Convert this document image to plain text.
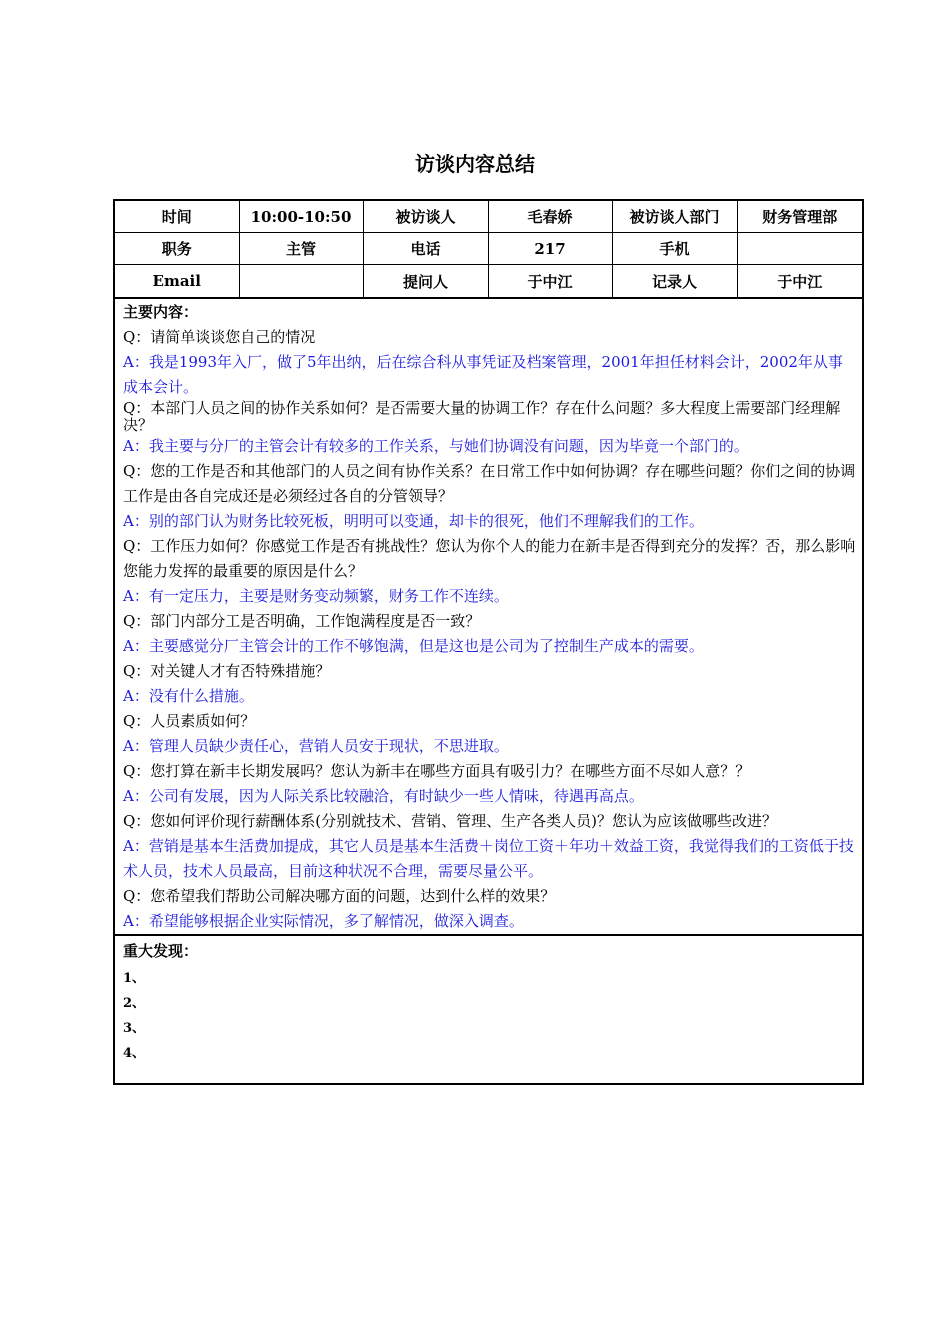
访谈内容总结
时间	10:00-10:50	被访谈人	毛春娇	被访谈人部门	财务管理部
职务	主管	电话	217	手机	
Email		提问人	于中江	记录人	于中江
主要内容：
Q：请简单谈谈您自己的情况
A：我是1993年入厂，做了5年出纳，后在综合科从事凭证及档案管理，2001年担任材料会计，2002年从事成本会计。
Q：本部门人员之间的协作关系如何？是否需要大量的协调工作？存在什么问题？多大程度上需要部门经理解决？
A：我主要与分厂的主管会计有较多的工作关系，与她们协调没有问题，因为毕竟一个部门的。
Q：您的工作是否和其他部门的人员之间有协作关系？在日常工作中如何协调？存在哪些问题？你们之间的协调工作是由各自完成还是必须经过各自的分管领导？
A：别的部门认为财务比较死板，明明可以变通，却卡的很死，他们不理解我们的工作。
Q：工作压力如何？你感觉工作是否有挑战性？您认为你个人的能力在新丰是否得到充分的发挥？否，那么影响您能力发挥的最重要的原因是什么？
A：有一定压力，主要是财务变动频繁，财务工作不连续。
Q：部门内部分工是否明确，工作饱满程度是否一致？
A：主要感觉分厂主管会计的工作不够饱满，但是这也是公司为了控制生产成本的需要。
Q：对关键人才有否特殊措施？
A：没有什么措施。
Q：人员素质如何？
A：管理人员缺少责任心，营销人员安于现状，不思进取。
Q：您打算在新丰长期发展吗？您认为新丰在哪些方面具有吸引力？在哪些方面不尽如人意？？
A：公司有发展，因为人际关系比较融洽，有时缺少一些人情味，待遇再高点。
Q：您如何评价现行薪酬体系(分别就技术、营销、管理、生产各类人员)？您认为应该做哪些改进？
A：营销是基本生活费加提成，其它人员是基本生活费＋岗位工资＋年功＋效益工资，我觉得我们的工资低于技术人员，技术人员最高，目前这种状况不合理，需要尽量公平。
Q：您希望我们帮助公司解决哪方面的问题，达到什么样的效果？
A：希望能够根据企业实际情况，多了解情况，做深入调查。
重大发现：
1、
2、
3、
4、
